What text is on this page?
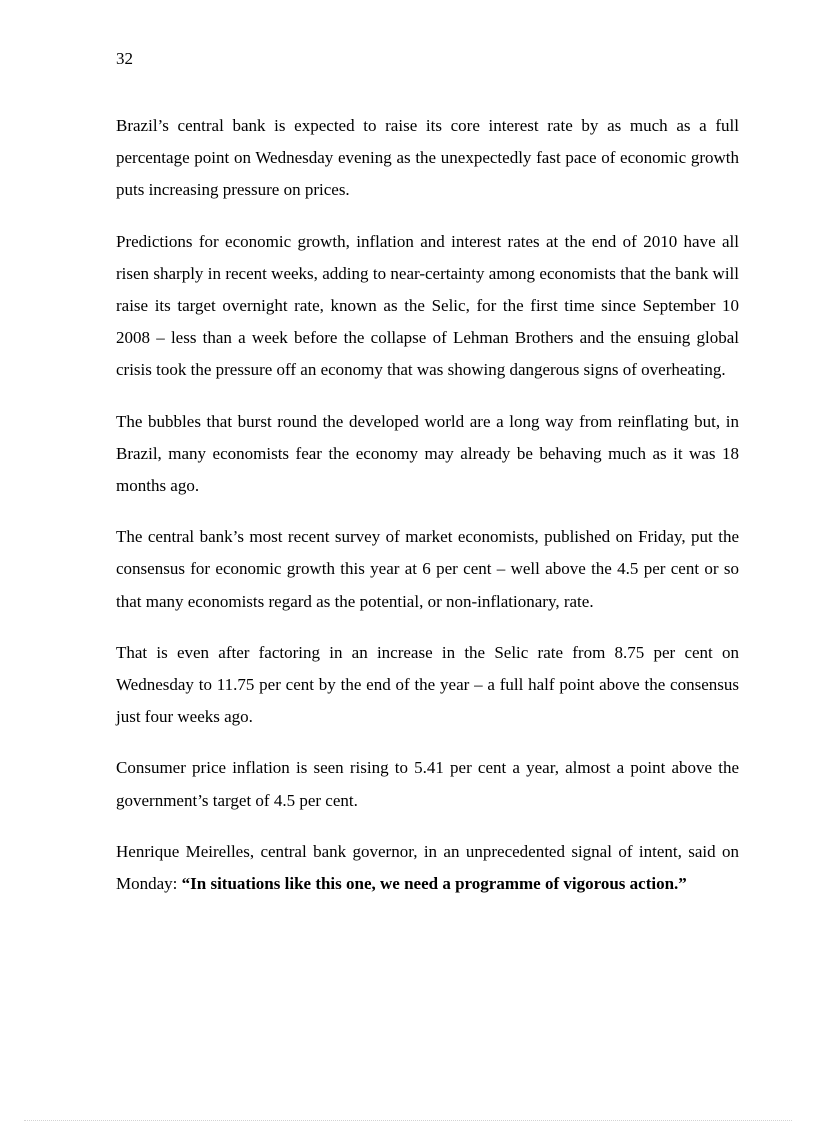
32

Brazil’s central bank is expected to raise its core interest rate by as much as a full percentage point on Wednesday evening as the unexpectedly fast pace of economic growth puts increasing pressure on prices.

Predictions for economic growth, inflation and interest rates at the end of 2010 have all risen sharply in recent weeks, adding to near-certainty among economists that the bank will raise its target overnight rate, known as the Selic, for the first time since September 10 2008 – less than a week before the collapse of Lehman Brothers and the ensuing global crisis took the pressure off an economy that was showing dangerous signs of overheating.

The bubbles that burst round the developed world are a long way from reinflating but, in Brazil, many economists fear the economy may already be behaving much as it was 18 months ago.

The central bank’s most recent survey of market economists, published on Friday, put the consensus for economic growth this year at 6 per cent – well above the 4.5 per cent or so that many economists regard as the potential, or non-inflationary, rate.

That is even after factoring in an increase in the Selic rate from 8.75 per cent on Wednesday to 11.75 per cent by the end of the year – a full half point above the consensus just four weeks ago.

Consumer price inflation is seen rising to 5.41 per cent a year, almost a point above the government’s target of 4.5 per cent.

Henrique Meirelles, central bank governor, in an unprecedented signal of intent, said on Monday: “In situations like this one, we need a programme of vigorous action.”
